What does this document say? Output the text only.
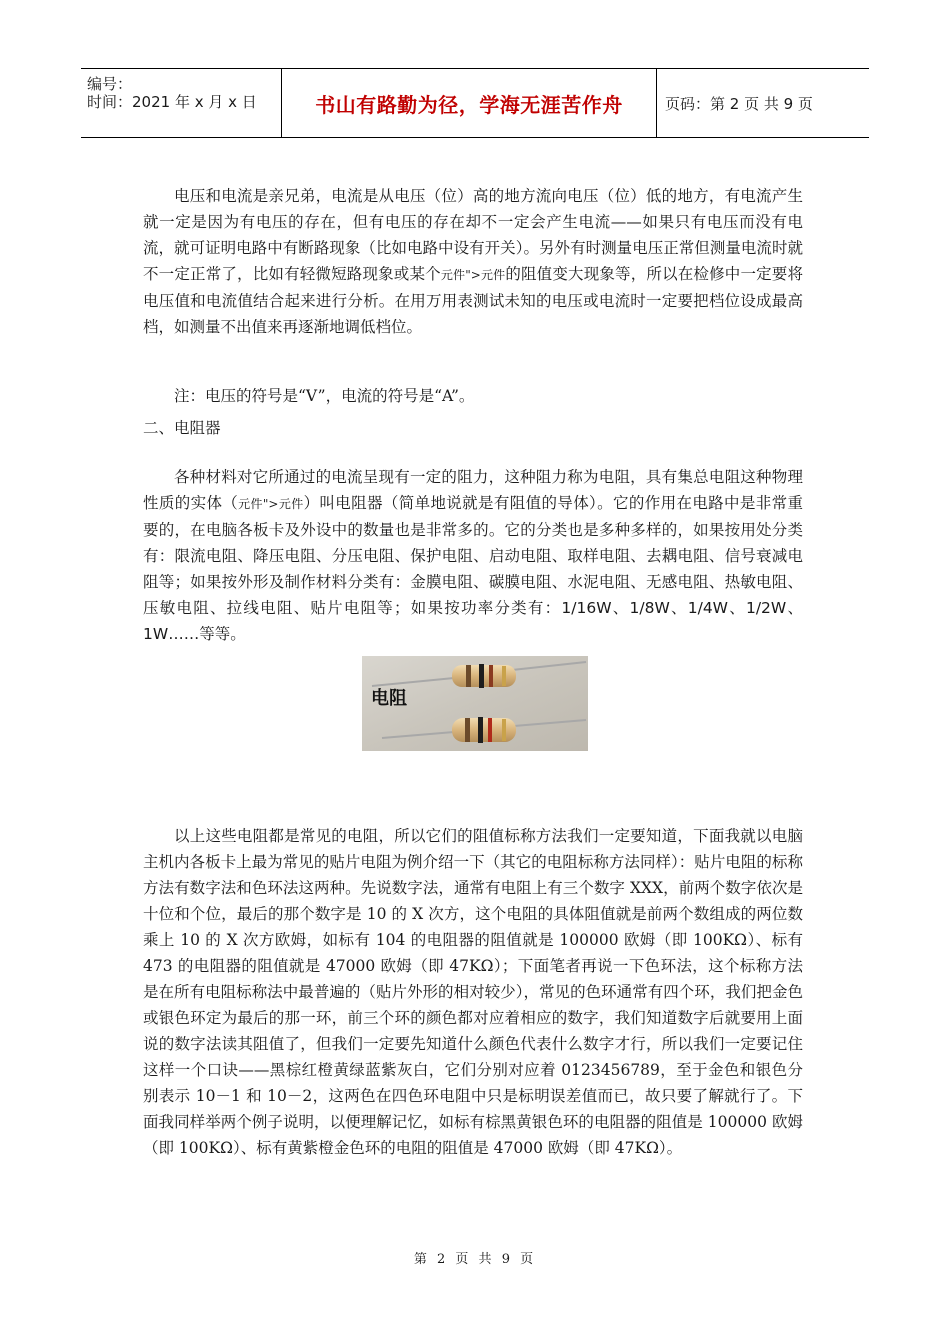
编号：
时间：2021 年 x 月 x 日	书山有路勤为径，学海无涯苦作舟	页码：第 2 页 共 9 页

电压和电流是亲兄弟，电流是从电压（位）高的地方流向电压（位）低的地方，有电流产生就一定是因为有电压的存在，但有电压的存在却不一定会产生电流——如果只有电压而没有电流，就可证明电路中有断路现象（比如电路中设有开关）。另外有时测量电压正常但测量电流时就不一定正常了，比如有轻微短路现象或某个元件">元件的阻值变大现象等，所以在检修中一定要将电压值和电流值结合起来进行分析。在用万用表测试未知的电压或电流时一定要把档位设成最高档，如测量不出值来再逐渐地调低档位。

注：电压的符号是“V”，电流的符号是“A”。

二、电阻器

各种材料对它所通过的电流呈现有一定的阻力，这种阻力称为电阻，具有集总电阻这种物理性质的实体（元件">元件）叫电阻器（简单地说就是有阻值的导体）。它的作用在电路中是非常重要的，在电脑各板卡及外设中的数量也是非常多的。它的分类也是多种多样的，如果按用处分类有：限流电阻、降压电阻、分压电阻、保护电阻、启动电阻、取样电阻、去耦电阻、信号衰减电阻等；如果按外形及制作材料分类有：金膜电阻、碳膜电阻、水泥电阻、无感电阻、热敏电阻、压敏电阻、拉线电阻、贴片电阻等；如果按功率分类有：1/16W、1/8W、1/4W、1/2W、1W……等等。

电阻

以上这些电阻都是常见的电阻，所以它们的阻值标称方法我们一定要知道，下面我就以电脑主机内各板卡上最为常见的贴片电阻为例介绍一下（其它的电阻标称方法同样）：贴片电阻的标称方法有数字法和色环法这两种。先说数字法，通常有电阻上有三个数字 XXX，前两个数字依次是十位和个位，最后的那个数字是 10 的 X 次方，这个电阻的具体阻值就是前两个数组成的两位数乘上 10 的 X 次方欧姆，如标有 104 的电阻器的阻值就是 100000 欧姆（即 100KΩ）、标有 473 的电阻器的阻值就是 47000 欧姆（即 47KΩ）；下面笔者再说一下色环法，这个标称方法是在所有电阻标称法中最普遍的（贴片外形的相对较少），常见的色环通常有四个环，我们把金色或银色环定为最后的那一环，前三个环的颜色都对应着相应的数字，我们知道数字后就要用上面说的数字法读其阻值了，但我们一定要先知道什么颜色代表什么数字才行，所以我们一定要记住这样一个口诀——黑棕红橙黄绿蓝紫灰白，它们分别对应着 0123456789，至于金色和银色分别表示 10－1 和 10－2，这两色在四色环电阻中只是标明误差值而已，故只要了解就行了。下面我同样举两个例子说明，以便理解记忆，如标有棕黑黄银色环的电阻器的阻值是 100000 欧姆（即 100KΩ）、标有黄紫橙金色环的电阻的阻值是 47000 欧姆（即 47KΩ）。

第 2 页 共 9 页
